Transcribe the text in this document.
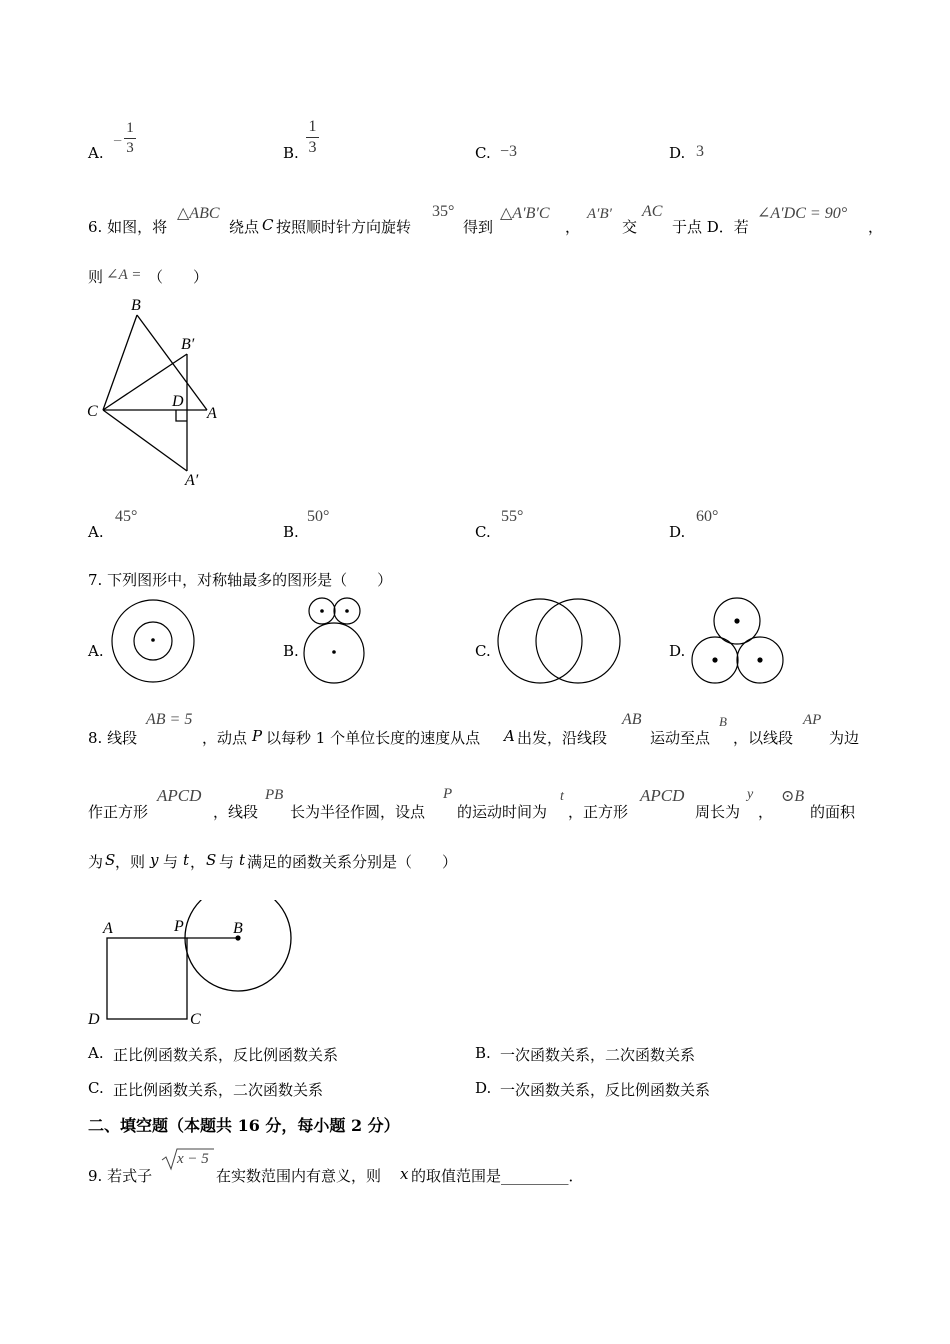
A.
−
1
3	B.
1
3	C. −3	D. 3
6. 如图，将
△ABC
绕点 C 按照顺时针方向旋转
35°
得到
△A′B′C
，
A′B′
交
AC
于点 D．若
∠A′DC = 90°
，
则 ∠A = （　　）
B
B′
C
D
A
A′
A.
45°
B.
50°
C.
55°
D.
60°
7. 下列图形中，对称轴最多的图形是（　　）
A.	B.	C.	D.
8. 线段
AB = 5
，动点 P 以每秒 1 个单位长度的速度从点 A 出发，沿线段
AB
运动至点
B
，以线段
AP
为边
作正方形
APCD
，线段
PB
长为半径作圆，设点
P
的运动时间为
t
，正方形
APCD
周长为
y
，
⊙B
的面积
为 S ，则 y 与 t ， S 与 t 满足的函数关系分别是（　　）
A	P	B
D	C
A. 正比例函数关系，反比例函数关系	B. 一次函数关系，二次函数关系
C. 正比例函数关系，二次函数关系	D. 一次函数关系，反比例函数关系
二、填空题（本题共 16 分，每小题 2 分）
9. 若式子
x − 5
在实数范围内有意义，则 x 的取值范围是_________．
